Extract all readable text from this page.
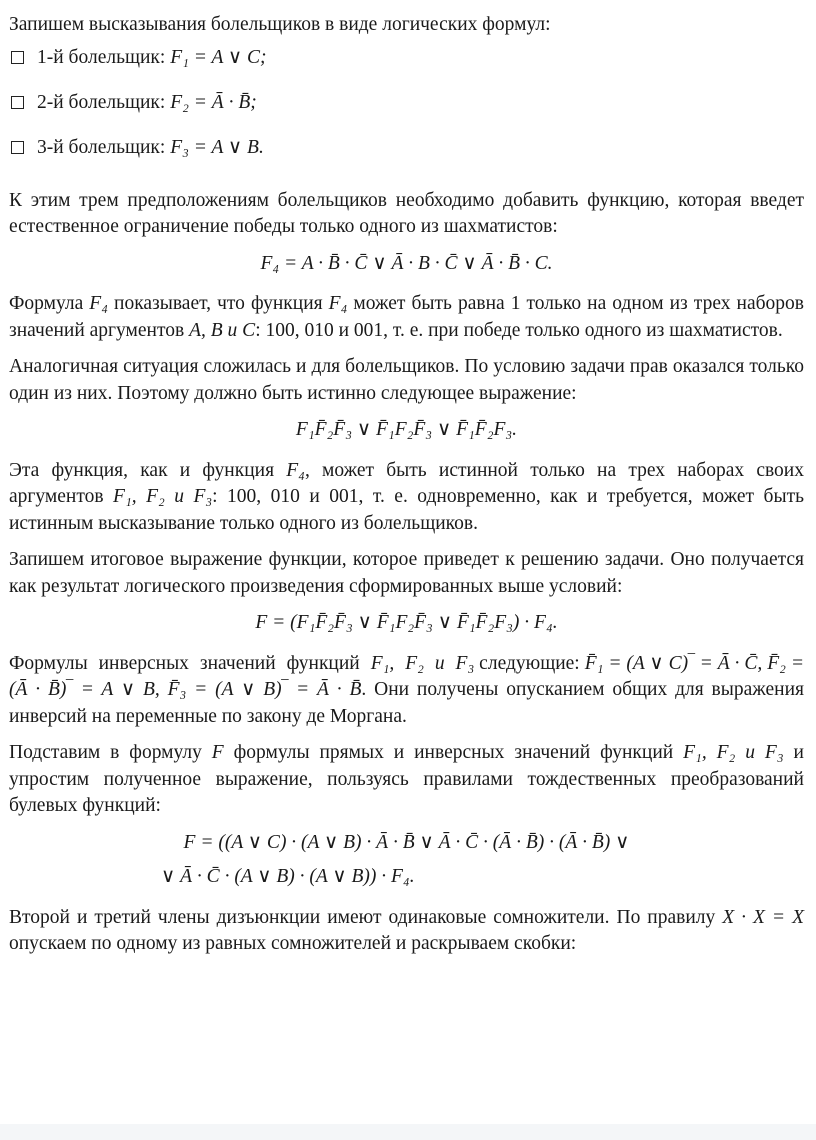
Запишем высказывания болельщиков в виде логических формул:

1-й болельщик:
F₁ = A ∨ C;
2-й болельщик:
F₂ = Ā · B̄;
3-й болельщик:
F₃ = A ∨ B.

К этим трем предположениям болельщиков необходимо добавить функцию, которая введет естественное ограничение победы только одного из шахматистов:

F₄ = A · B̄ · C̄ ∨ Ā · B · C̄ ∨ Ā · B̄ · C.

Формула F₄ показывает, что функция F₄ может быть равна 1 только на одном из трех наборов значений аргументов A, B и C: 100, 010 и 001, т. е. при победе только одного из шахматистов.

Аналогичная ситуация сложилась и для болельщиков. По условию задачи прав оказался только один из них. Поэтому должно быть истинно следующее выражение:

F₁F̄₂F̄₃ ∨ F̄₁F₂F̄₃ ∨ F̄₁F̄₂F₃.

Эта функция, как и функция F₄, может быть истинной только на трех наборах своих аргументов F₁, F₂ и F₃: 100, 010 и 001, т. е. одновременно, как и требуется, может быть истинным высказывание только одного из болельщиков.

Запишем итоговое выражение функции, которое приведет к решению задачи. Оно получается как результат логического произведения сформированных выше условий:

F = (F₁F̄₂F̄₃ ∨ F̄₁F₂F̄₃ ∨ F̄₁F̄₂F₃) · F₄.

Формулы инверсных значений функций F₁, F₂ и F₃ следующие: F̄₁ = (A ∨ C)‾ = Ā · C̄, F̄₂ = (Ā · B̄)‾ = A ∨ B, F̄₃ = (A ∨ B)‾ = Ā · B̄. Они получены опусканием общих для выражения инверсий на переменные по закону де Моргана.

Подставим в формулу F формулы прямых и инверсных значений функций F₁, F₂ и F₃ и упростим полученное выражение, пользуясь правилами тождественных преобразований булевых функций:

F = ((A ∨ C) · (A ∨ B) · Ā · B̄ ∨ Ā · C̄ · (Ā · B̄) · (Ā · B̄) ∨
∨ Ā · C̄ · (A ∨ B) · (A ∨ B)) · F₄.

Второй и третий члены дизъюнкции имеют одинаковые сомножители. По правилу X · X = X опускаем по одному из равных сомножителей и раскрываем скобки:
